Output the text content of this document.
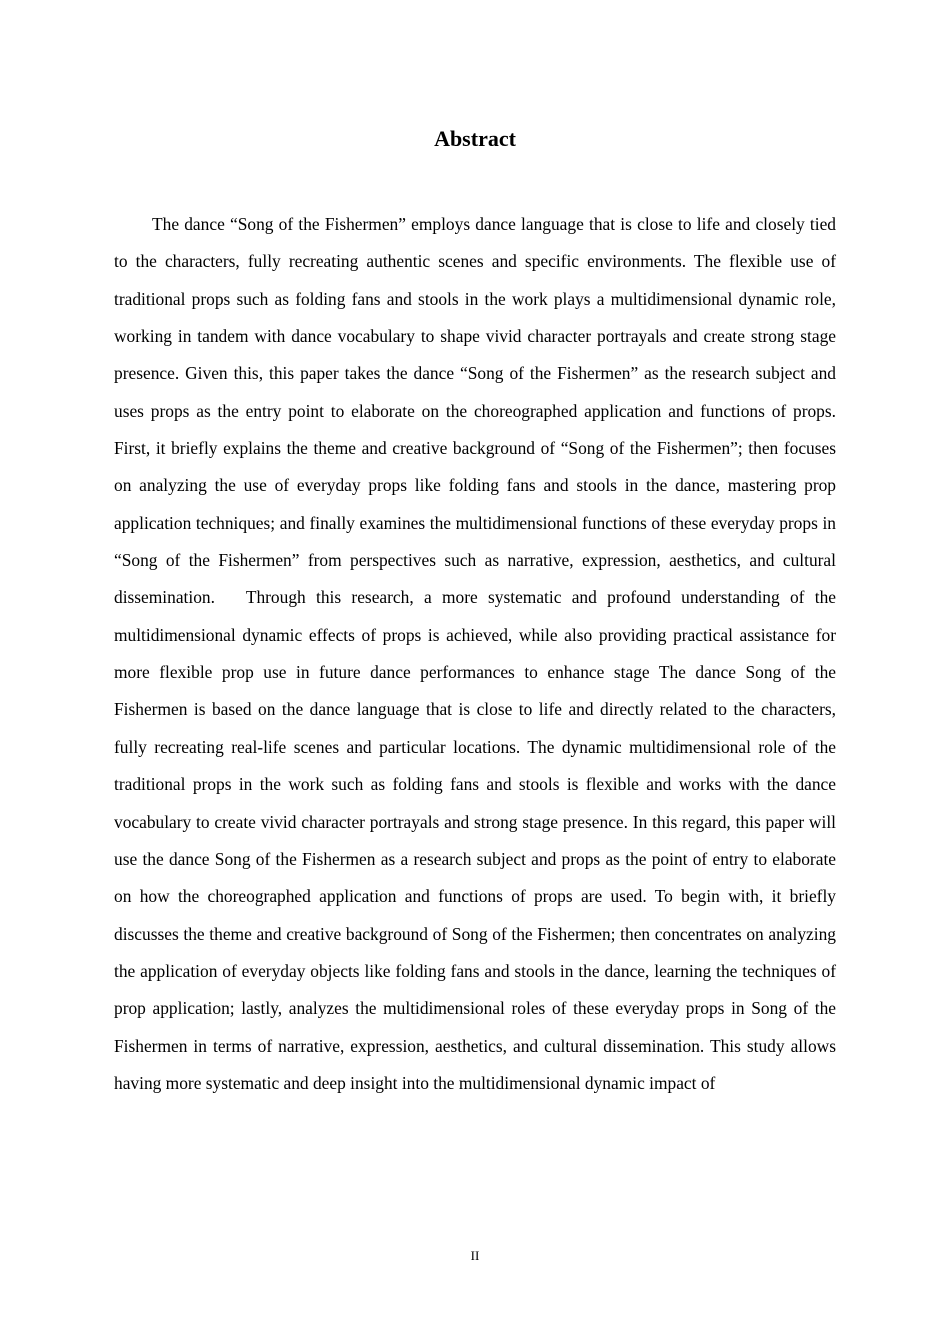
Abstract

The dance “Song of the Fishermen” employs dance language that is close to life and closely tied to the characters, fully recreating authentic scenes and specific environments. The flexible use of traditional props such as folding fans and stools in the work plays a multidimensional dynamic role, working in tandem with dance vocabulary to shape vivid character portrayals and create strong stage presence. Given this, this paper takes the dance “Song of the Fishermen” as the research subject and uses props as the entry point to elaborate on the choreographed application and functions of props. First, it briefly explains the theme and creative background of “Song of the Fishermen”; then focuses on analyzing the use of everyday props like folding fans and stools in the dance, mastering prop application techniques; and finally examines the multidimensional functions of these everyday props in “Song of the Fishermen” from perspectives such as narrative, expression, aesthetics, and cultural dissemination.   Through this research, a more systematic and profound understanding of the multidimensional dynamic effects of props is achieved, while also providing practical assistance for more flexible prop use in future dance performances to enhance stage The dance Song of the Fishermen is based on the dance language that is close to life and directly related to the characters, fully recreating real-life scenes and particular locations. The dynamic multidimensional role of the traditional props in the work such as folding fans and stools is flexible and works with the dance vocabulary to create vivid character portrayals and strong stage presence. In this regard, this paper will use the dance Song of the Fishermen as a research subject and props as the point of entry to elaborate on how the choreographed application and functions of props are used. To begin with, it briefly discusses the theme and creative background of Song of the Fishermen; then concentrates on analyzing the application of everyday objects like folding fans and stools in the dance, learning the techniques of prop application; lastly, analyzes the multidimensional roles of these everyday props in Song of the Fishermen in terms of narrative, expression, aesthetics, and cultural dissemination. This study allows having more systematic and deep insight into the multidimensional dynamic impact of

II
